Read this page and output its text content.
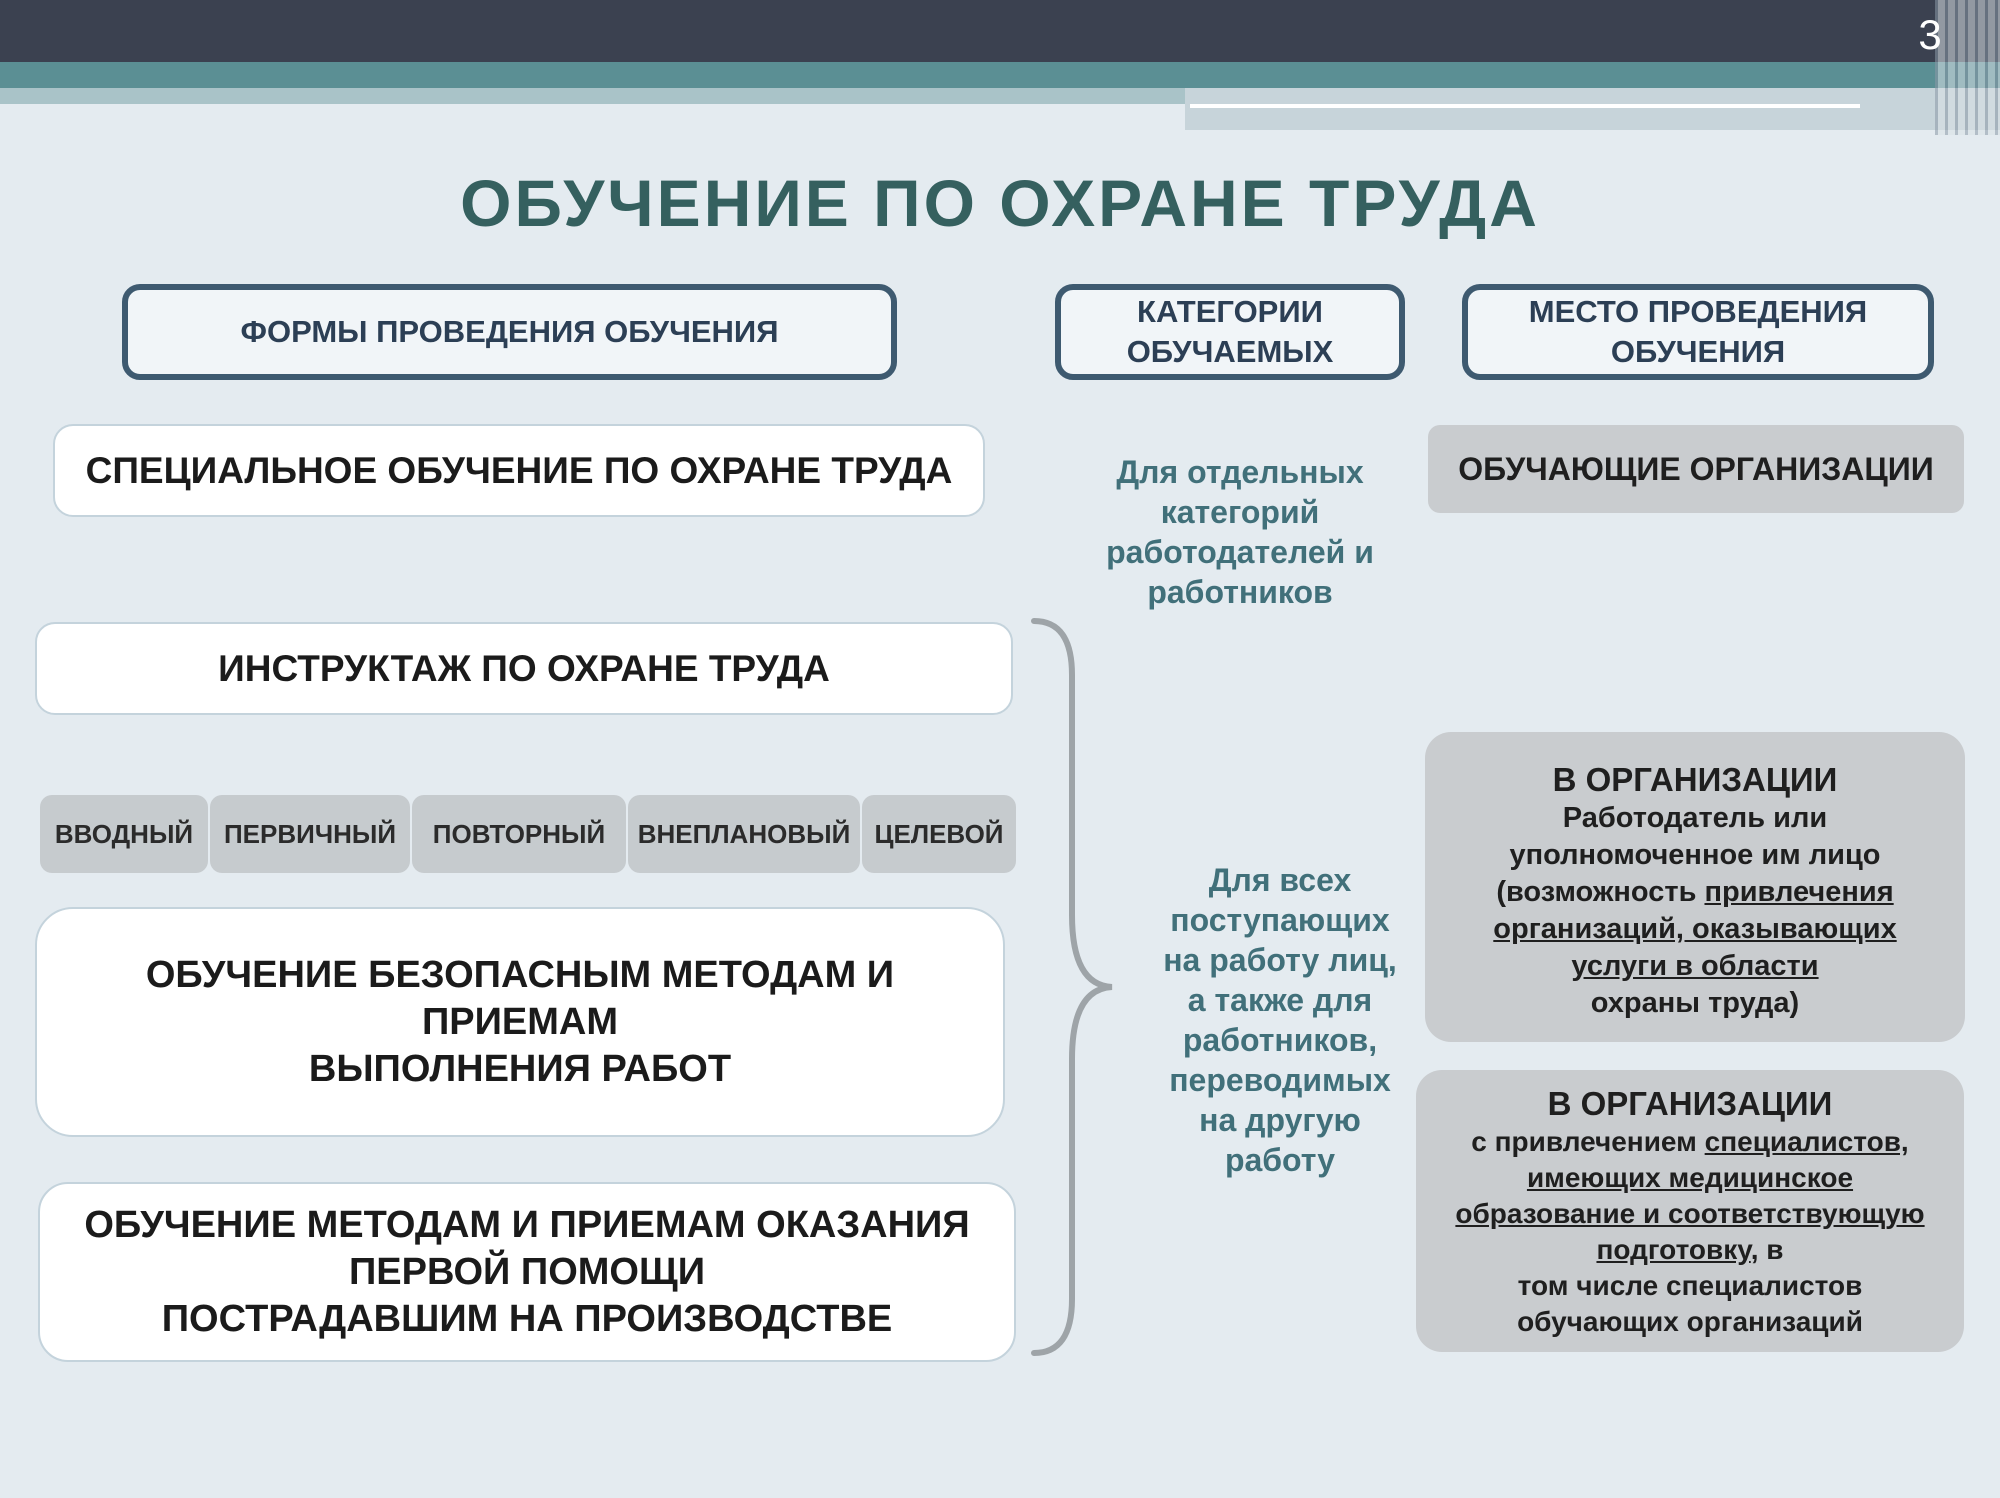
3
ОБУЧЕНИЕ ПО ОХРАНЕ ТРУДА
ФОРМЫ ПРОВЕДЕНИЯ ОБУЧЕНИЯ
КАТЕГОРИИ
ОБУЧАЕМЫХ
МЕСТО ПРОВЕДЕНИЯ
ОБУЧЕНИЯ
СПЕЦИАЛЬНОЕ ОБУЧЕНИЕ ПО ОХРАНЕ ТРУДА
ИНСТРУКТАЖ ПО ОХРАНЕ ТРУДА
ВВОДНЫЙ ПЕРВИЧНЫЙ ПОВТОРНЫЙ ВНЕПЛАНОВЫЙ ЦЕЛЕВОЙ
ОБУЧЕНИЕ БЕЗОПАСНЫМ МЕТОДАМ И
ПРИЕМАМ
ВЫПОЛНЕНИЯ РАБОТ
ОБУЧЕНИЕ МЕТОДАМ И ПРИЕМАМ ОКАЗАНИЯ
ПЕРВОЙ ПОМОЩИ
ПОСТРАДАВШИМ НА ПРОИЗВОДСТВЕ
Для отдельных
категорий
работодателей и
работников
Для всех
поступающих
на работу лиц,
а также для
работников,
переводимых
на другую
работу
ОБУЧАЮЩИЕ ОРГАНИЗАЦИИ
В ОРГАНИЗАЦИИ
Работодатель или
уполномоченное им лицо
(возможность привлечения
организаций, оказывающих
услуги в области
охраны труда)
В ОРГАНИЗАЦИИ
с привлечением специалистов,
имеющих медицинское
образование и соответствующую
подготовку, в
том числе специалистов
обучающих организаций
